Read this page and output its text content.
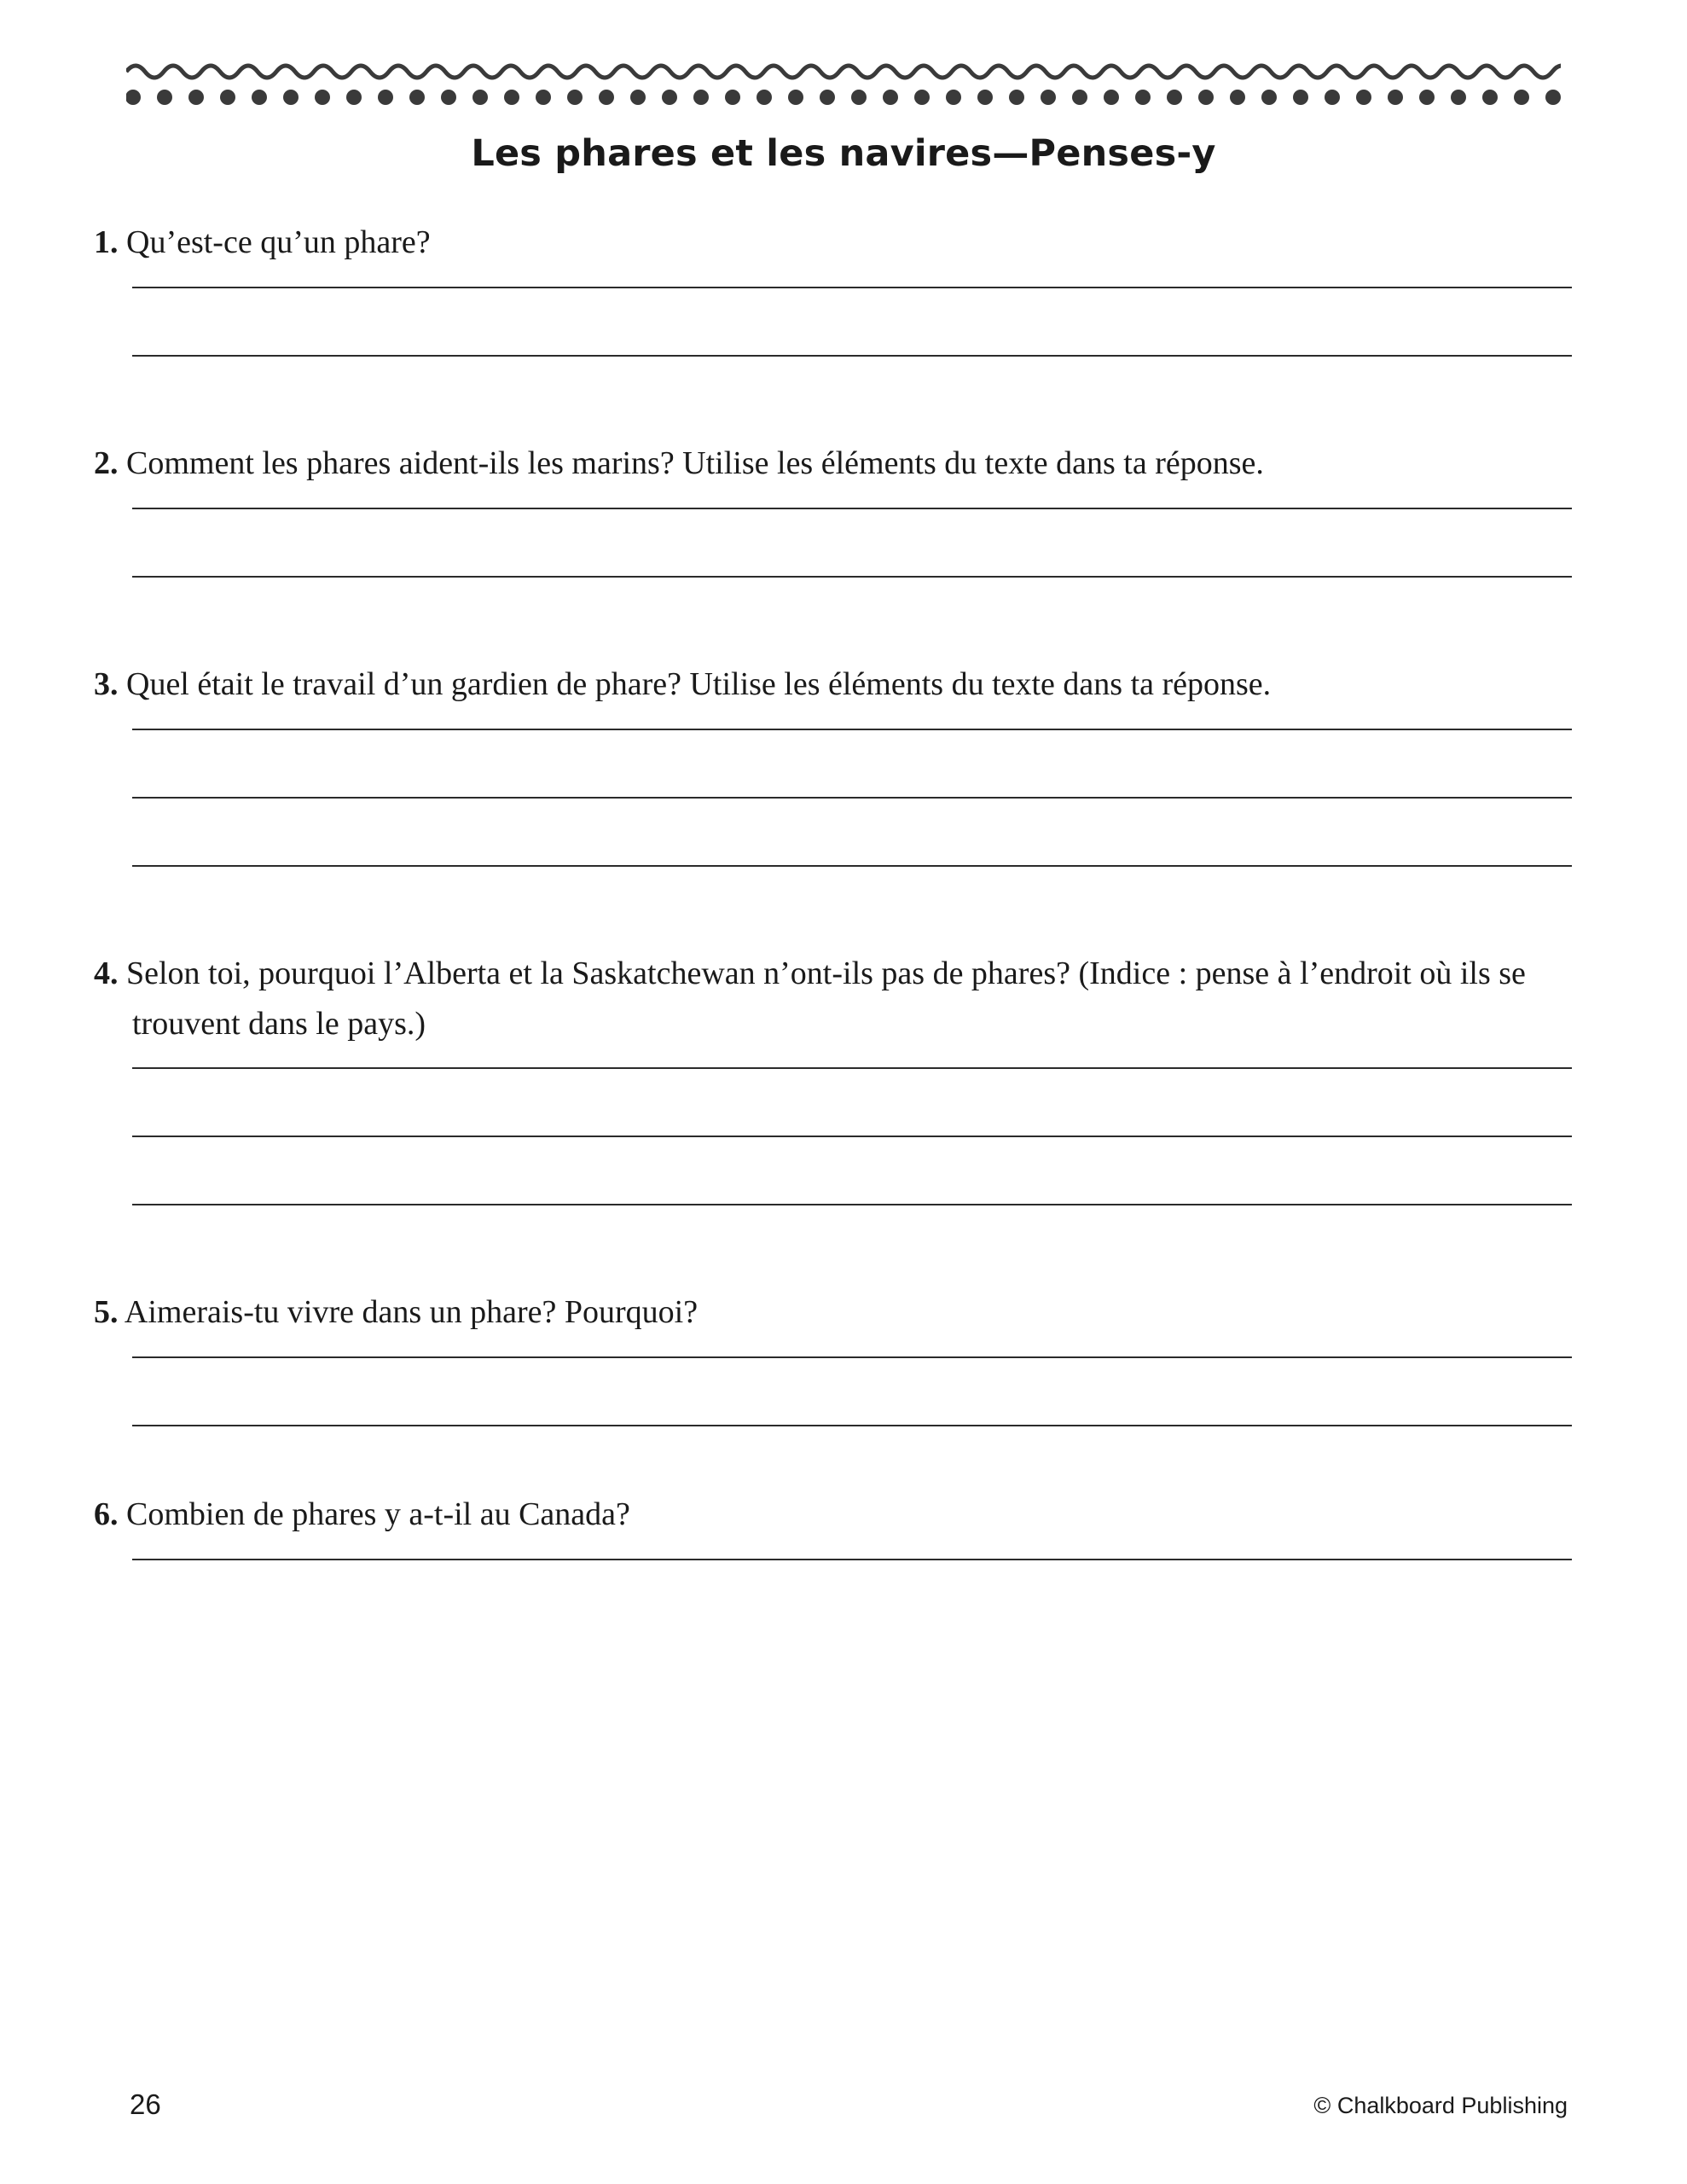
Les phares et les navires—Penses-y

1. Qu’est-ce qu’un phare?

2. Comment les phares aident-ils les marins? Utilise les éléments du texte dans ta réponse.

3. Quel était le travail d’un gardien de phare? Utilise les éléments du texte dans ta réponse.

4. Selon toi, pourquoi l’Alberta et la Saskatchewan n’ont-ils pas de phares? (Indice : pense à l’endroit où ils se trouvent dans le pays.)

5. Aimerais-tu vivre dans un phare? Pourquoi?

6. Combien de phares y a-t-il au Canada?

26	© Chalkboard Publishing
